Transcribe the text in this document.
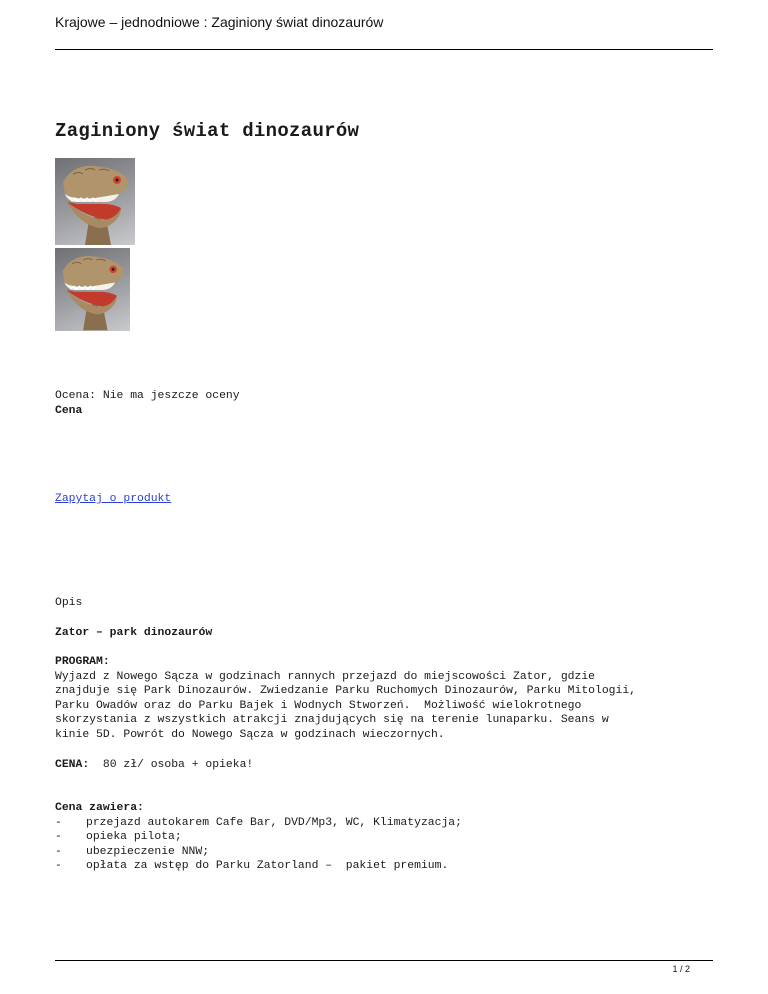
Krajowe – jednodniowe : Zaginiony świat dinozaurów
Zaginiony świat dinozaurów
Ocena: Nie ma jeszcze oceny
Cena
Zapytaj o produkt
Opis
Zator – park dinozaurów
PROGRAM:
Wyjazd z Nowego Sącza w godzinach rannych przejazd do miejscowości Zator, gdzie
znajduje się Park Dinozaurów. Zwiedzanie Parku Ruchomych Dinozaurów, Parku Mitologii,
Parku Owadów oraz do Parku Bajek i Wodnych Stworzeń.  Możliwość wielokrotnego
skorzystania z wszystkich atrakcji znajdujących się na terenie lunaparku. Seans w
kinie 5D. Powrót do Nowego Sącza w godzinach wieczornych.
CENA: 80 zł/ osoba + opieka!
Cena zawiera:
-	przejazd autokarem Cafe Bar, DVD/Mp3, WC, Klimatyzacja;
-	opieka pilota;
-	ubezpieczenie NNW;
-	opłata za wstęp do Parku Zatorland –  pakiet premium.
1 / 2
